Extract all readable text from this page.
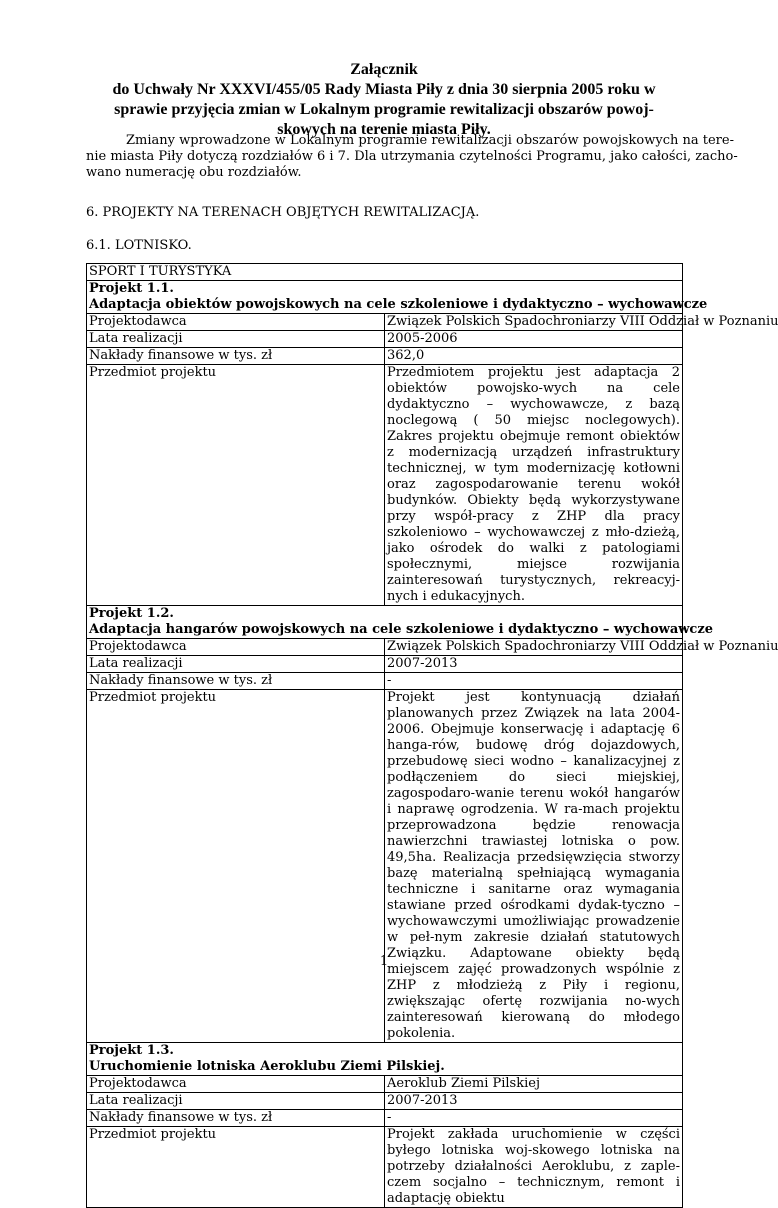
Załącznik
do Uchwały Nr XXXVI/455/05 Rady Miasta Piły z dnia 30 sierpnia 2005 roku w
sprawie przyjęcia zmian w Lokalnym programie rewitalizacji obszarów powoj-
skowych na terenie miasta Piły.
Zmiany wprowadzone w Lokalnym programie rewitalizacji obszarów powojskowych na tere-
nie miasta Piły dotyczą rozdziałów 6 i 7. Dla utrzymania czytelności Programu, jako całości, zacho-
wano numerację obu rozdziałów.
6. PROJEKTY NA TERENACH OBJĘTYCH REWITALIZACJĄ.
6.1. LOTNISKO.
SPORT I TURYSTYKA	

Projekt 1.1.
Adaptacja obiektów powojskowych na cele szkoleniowe i dydaktyczno – wychowawcze	

Projektodawca	Związek Polskich Spadochroniarzy VIII Oddział w Poznaniu
Lata realizacji	2005-2006
Nakłady finansowe w tys. zł	362,0
Przedmiot projektu	Przedmiotem projektu jest adaptacja 2 obiektów powojsko-wych na cele dydaktyczno – wychowawcze, z bazą noclegową ( 50 miejsc noclegowych). Zakres projektu obejmuje remont obiektów z modernizacją urządzeń infrastruktury technicznej, w tym modernizację kotłowni oraz zagospodarowanie terenu wokół budynków. Obiekty będą wykorzystywane przy współ-pracy z ZHP dla pracy szkoleniowo – wychowawczej z mło-dzieżą, jako ośrodek do walki z patologiami społecznymi, miejsce rozwijania zainteresowań turystycznych, rekreacyj-nych i edukacyjnych.

Projekt 1.2.
Adaptacja hangarów powojskowych na cele szkoleniowe i dydaktyczno – wychowawcze	

Projektodawca	Związek Polskich Spadochroniarzy VIII Oddział w Poznaniu
Lata realizacji	2007-2013
Nakłady finansowe w tys. zł	-
Przedmiot projektu	Projekt jest kontynuacją działań planowanych przez Związek na lata 2004-2006. Obejmuje konserwację i adaptację 6 hanga-rów, budowę dróg dojazdowych, przebudowę sieci wodno – kanalizacyjnej z podłączeniem do sieci miejskiej, zagospodaro-wanie terenu wokół hangarów i naprawę ogrodzenia. W ra-mach projektu przeprowadzona będzie renowacja nawierzchni trawiastej lotniska o pow. 49,5ha. Realizacja przedsięwzięcia stworzy bazę materialną spełniającą wymagania techniczne i sanitarne oraz wymagania stawiane przed ośrodkami dydak-tyczno – wychowawczymi umożliwiając prowadzenie w peł-nym zakresie działań statutowych Związku. Adaptowane obiekty będą miejscem zajęć prowadzonych wspólnie z ZHP z młodzieżą z Piły i regionu, zwiększając ofertę rozwijania no-wych zainteresowań kierowaną do młodego pokolenia.

Projekt 1.3.
Uruchomienie lotniska Aeroklubu Ziemi Pilskiej.	

Projektodawca	Aeroklub Ziemi Pilskiej
Lata realizacji	2007-2013
Nakłady finansowe w tys. zł	-
Przedmiot projektu	Projekt zakłada uruchomienie w części byłego lotniska woj-skowego lotniska na potrzeby działalności Aeroklubu, z zaple-czem socjalno – technicznym, remont i adaptację obiektu
1
